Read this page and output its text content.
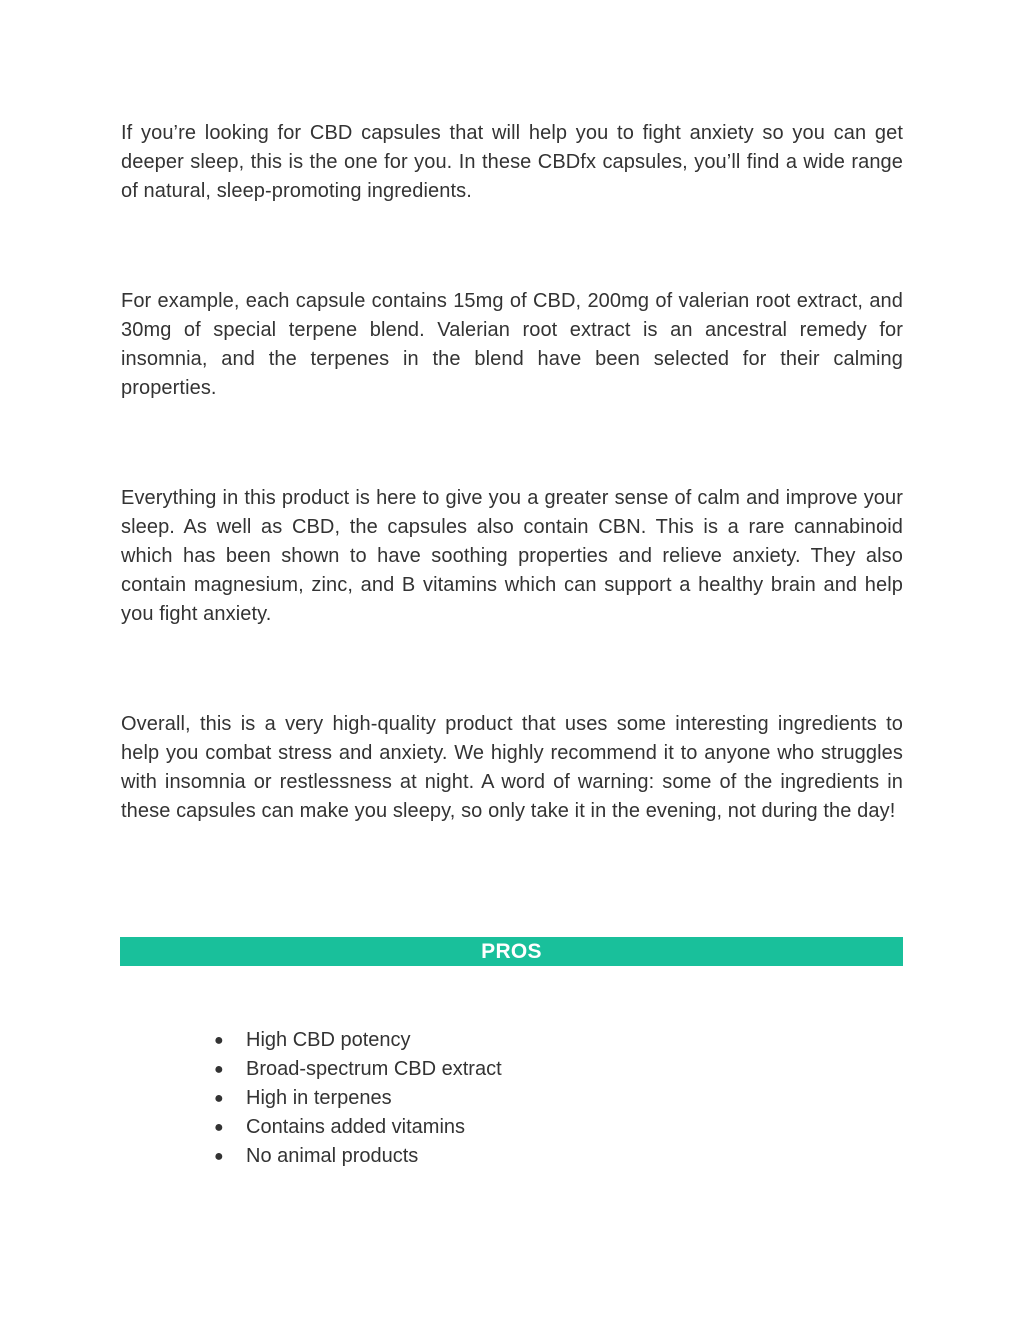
If you’re looking for CBD capsules that will help you to fight anxiety so you can get deeper sleep, this is the one for you. In these CBDfx capsules, you’ll find a wide range of natural, sleep-promoting ingredients.

For example, each capsule contains 15mg of CBD, 200mg of valerian root extract, and 30mg of special terpene blend. Valerian root extract is an ancestral remedy for insomnia, and the terpenes in the blend have been selected for their calming properties.

Everything in this product is here to give you a greater sense of calm and improve your sleep. As well as CBD, the capsules also contain CBN. This is a rare cannabinoid which has been shown to have soothing properties and relieve anxiety. They also contain magnesium, zinc, and B vitamins which can support a healthy brain and help you fight anxiety.

Overall, this is a very high-quality product that uses some interesting ingredients to help you combat stress and anxiety. We highly recommend it to anyone who struggles with insomnia or restlessness at night. A word of warning: some of the ingredients in these capsules can make you sleepy, so only take it in the evening, not during the day!

PROS
●	High CBD potency
●	Broad-spectrum CBD extract
●	High in terpenes
●	Contains added vitamins
●	No animal products
